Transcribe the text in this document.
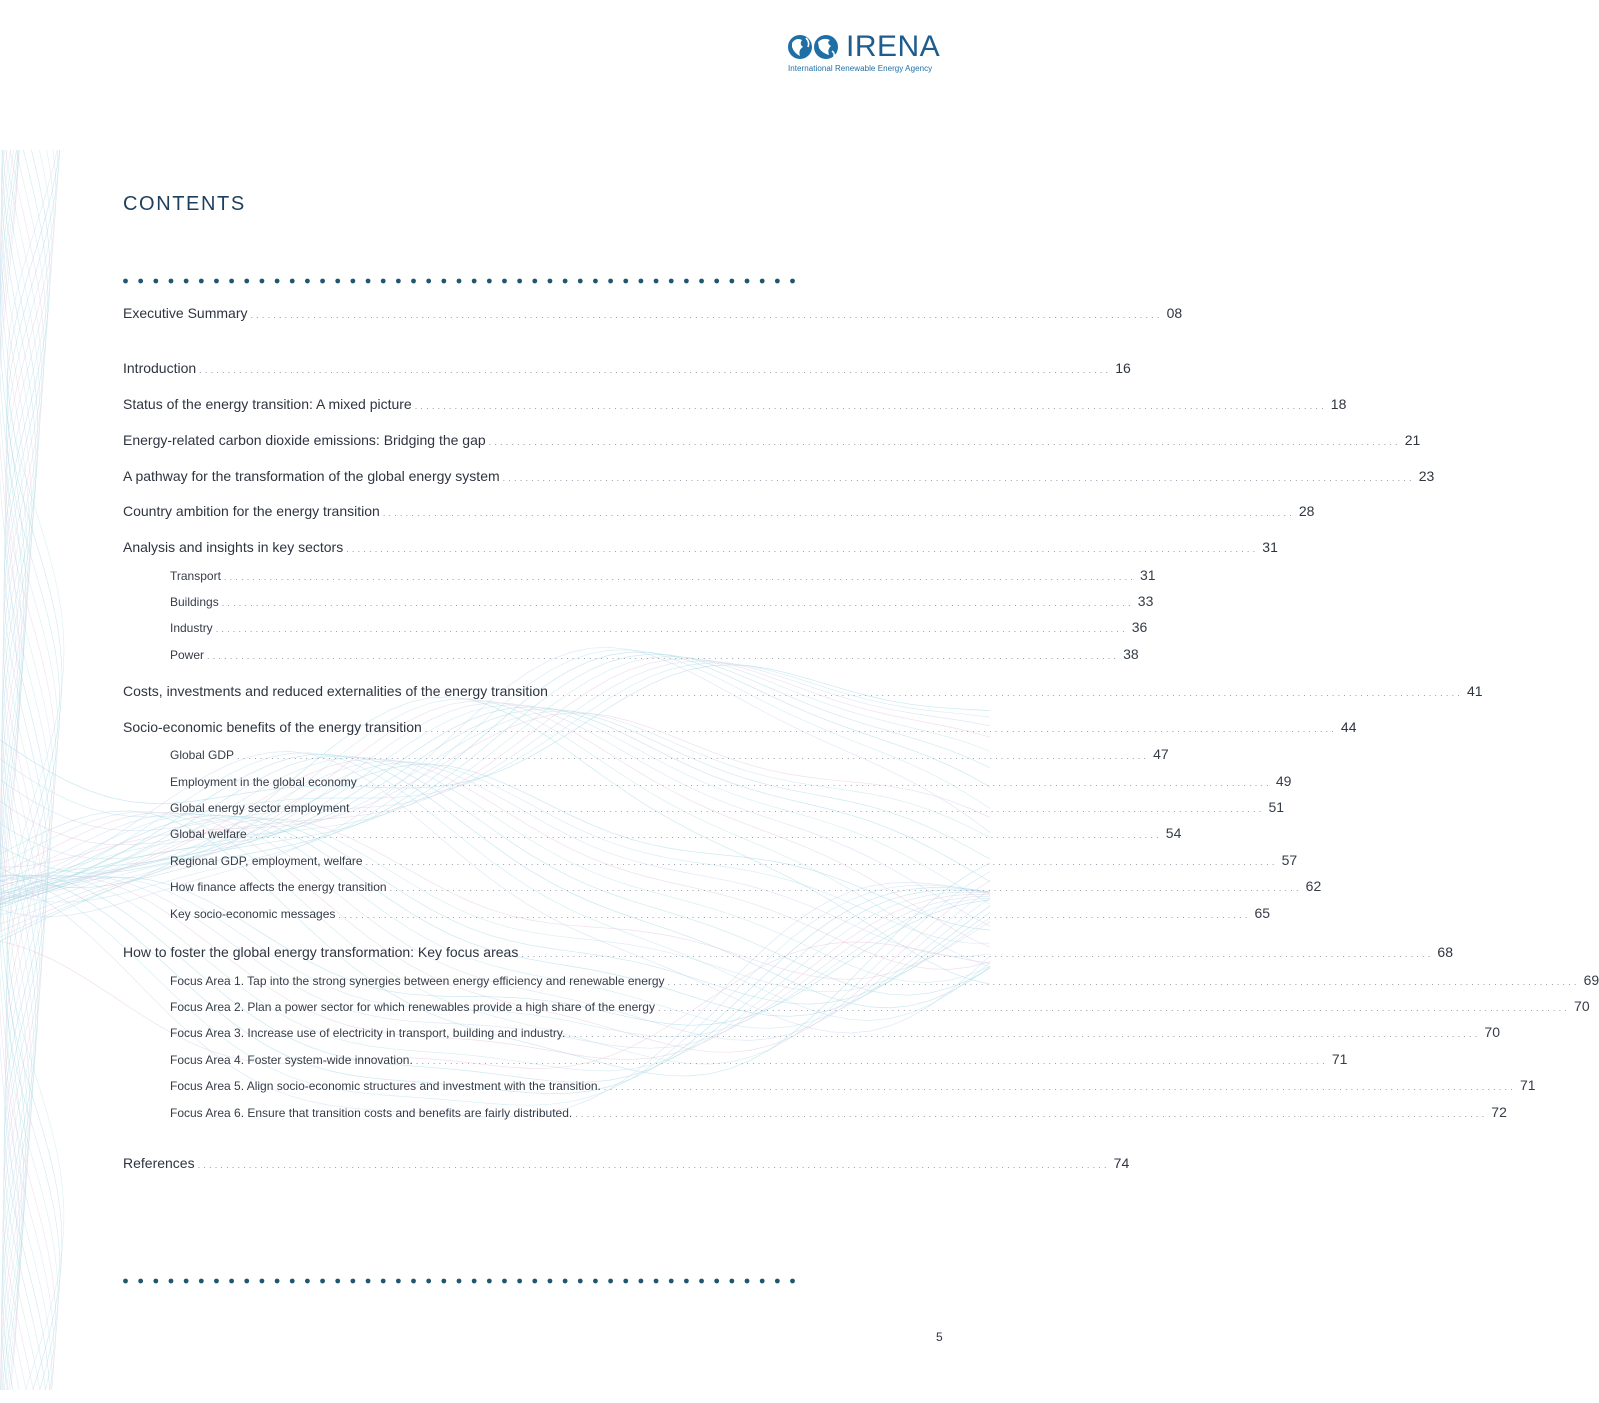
IRENA
International Renewable Energy Agency
CONTENTS
Executive Summary ................................................................................................................................................................ 08
Introduction ................................................................................................................................................................ 16
Status of the energy transition: A mixed picture ................................................................................................................................................................ 18
Energy-related carbon dioxide emissions: Bridging the gap ................................................................................................................................................................ 21
A pathway for the transformation of the global energy system ................................................................................................................................................................ 23
Country ambition for the energy transition ................................................................................................................................................................ 28
Analysis and insights in key sectors ................................................................................................................................................................ 31
Transport ................................................................................................................................................................ 31
Buildings ................................................................................................................................................................ 33
Industry ................................................................................................................................................................ 36
Power ................................................................................................................................................................ 38
Costs, investments and reduced externalities of the energy transition ................................................................................................................................................................ 41
Socio-economic benefits of the energy transition ................................................................................................................................................................ 44
Global GDP ................................................................................................................................................................ 47
Employment in the global economy ................................................................................................................................................................ 49
Global energy sector employment ................................................................................................................................................................ 51
Global welfare ................................................................................................................................................................ 54
Regional GDP, employment, welfare ................................................................................................................................................................ 57
How finance affects the energy transition ................................................................................................................................................................ 62
Key socio-economic messages ................................................................................................................................................................ 65
How to foster the global energy transformation: Key focus areas ................................................................................................................................................................ 68
Focus Area 1. Tap into the strong synergies between energy efficiency and renewable energy ................................................................................................................................................................ 69
Focus Area 2. Plan a power sector for which renewables provide a high share of the energy ................................................................................................................................................................ 70
Focus Area 3. Increase use of electricity in transport, building and industry. ................................................................................................................................................................ 70
Focus Area 4. Foster system-wide innovation. ................................................................................................................................................................ 71
Focus Area 5. Align socio-economic structures and investment with the transition. ................................................................................................................................................................ 71
Focus Area 6. Ensure that transition costs and benefits are fairly distributed. ................................................................................................................................................................ 72
References ................................................................................................................................................................ 74
5
